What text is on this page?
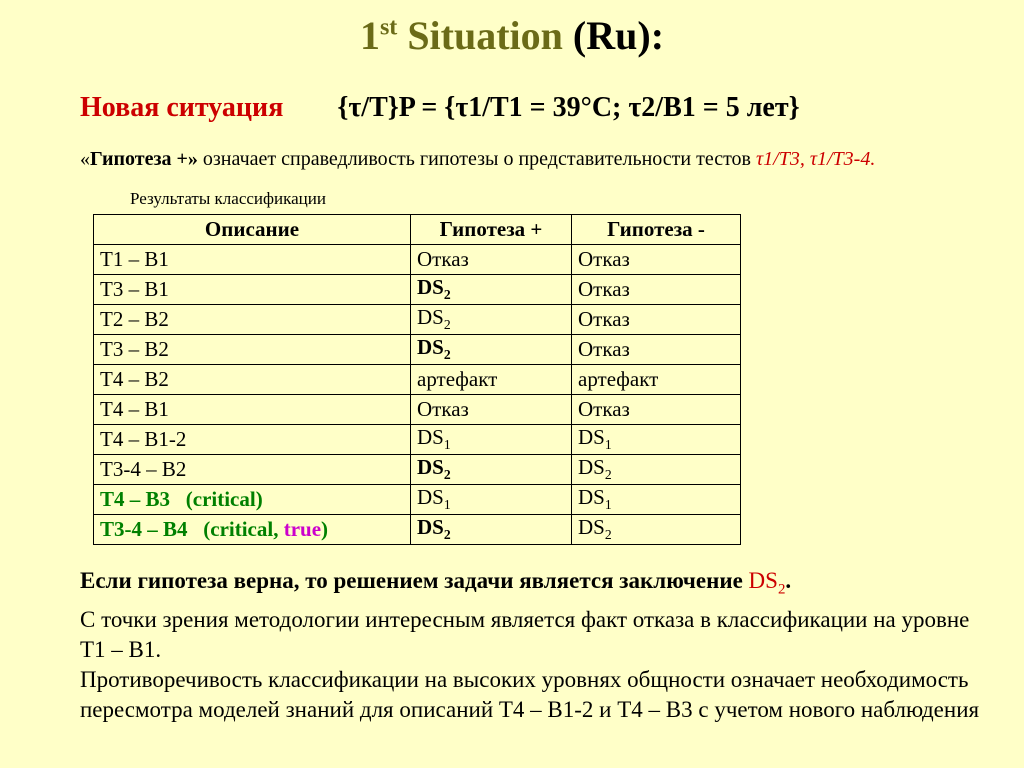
1st Situation (Ru):
Новая ситуация {τ/T}P = {τ1/T1 = 39°C; τ2/B1 = 5 лет}
«Гипотеза +» означает справедливость гипотезы о представительности тестов τ1/T3, τ1/T3-4.
Результаты классификации
Описание	Гипотеза +	Гипотеза -
T1 – B1	Отказ	Отказ
T3 – B1	$DS_2$	Отказ
T2 – B2	$DS_2$	Отказ
T3 – B2	$DS_2$	Отказ
T4 – B2	артефакт	артефакт
T4 – B1	Отказ	Отказ
T4 – B1-2	$DS_1$	$DS_1$
T3-4 – B2	$DS_2$	$DS_2$
T4 – B3   (critical)	$DS_1$	$DS_1$
T3-4 – B4   (critical, true)	$DS_2$	$DS_2$

Если гипотеза верна, то решением задачи является заключение $DS_2$.

С точки зрения методологии интересным является факт отказа в классификации на уровне T1 – B1.

Противоречивость классификации на высоких уровнях общности означает необходимость пересмотра моделей знаний для описаний T4 – B1-2 и T4 – B3 с учетом нового наблюдения
